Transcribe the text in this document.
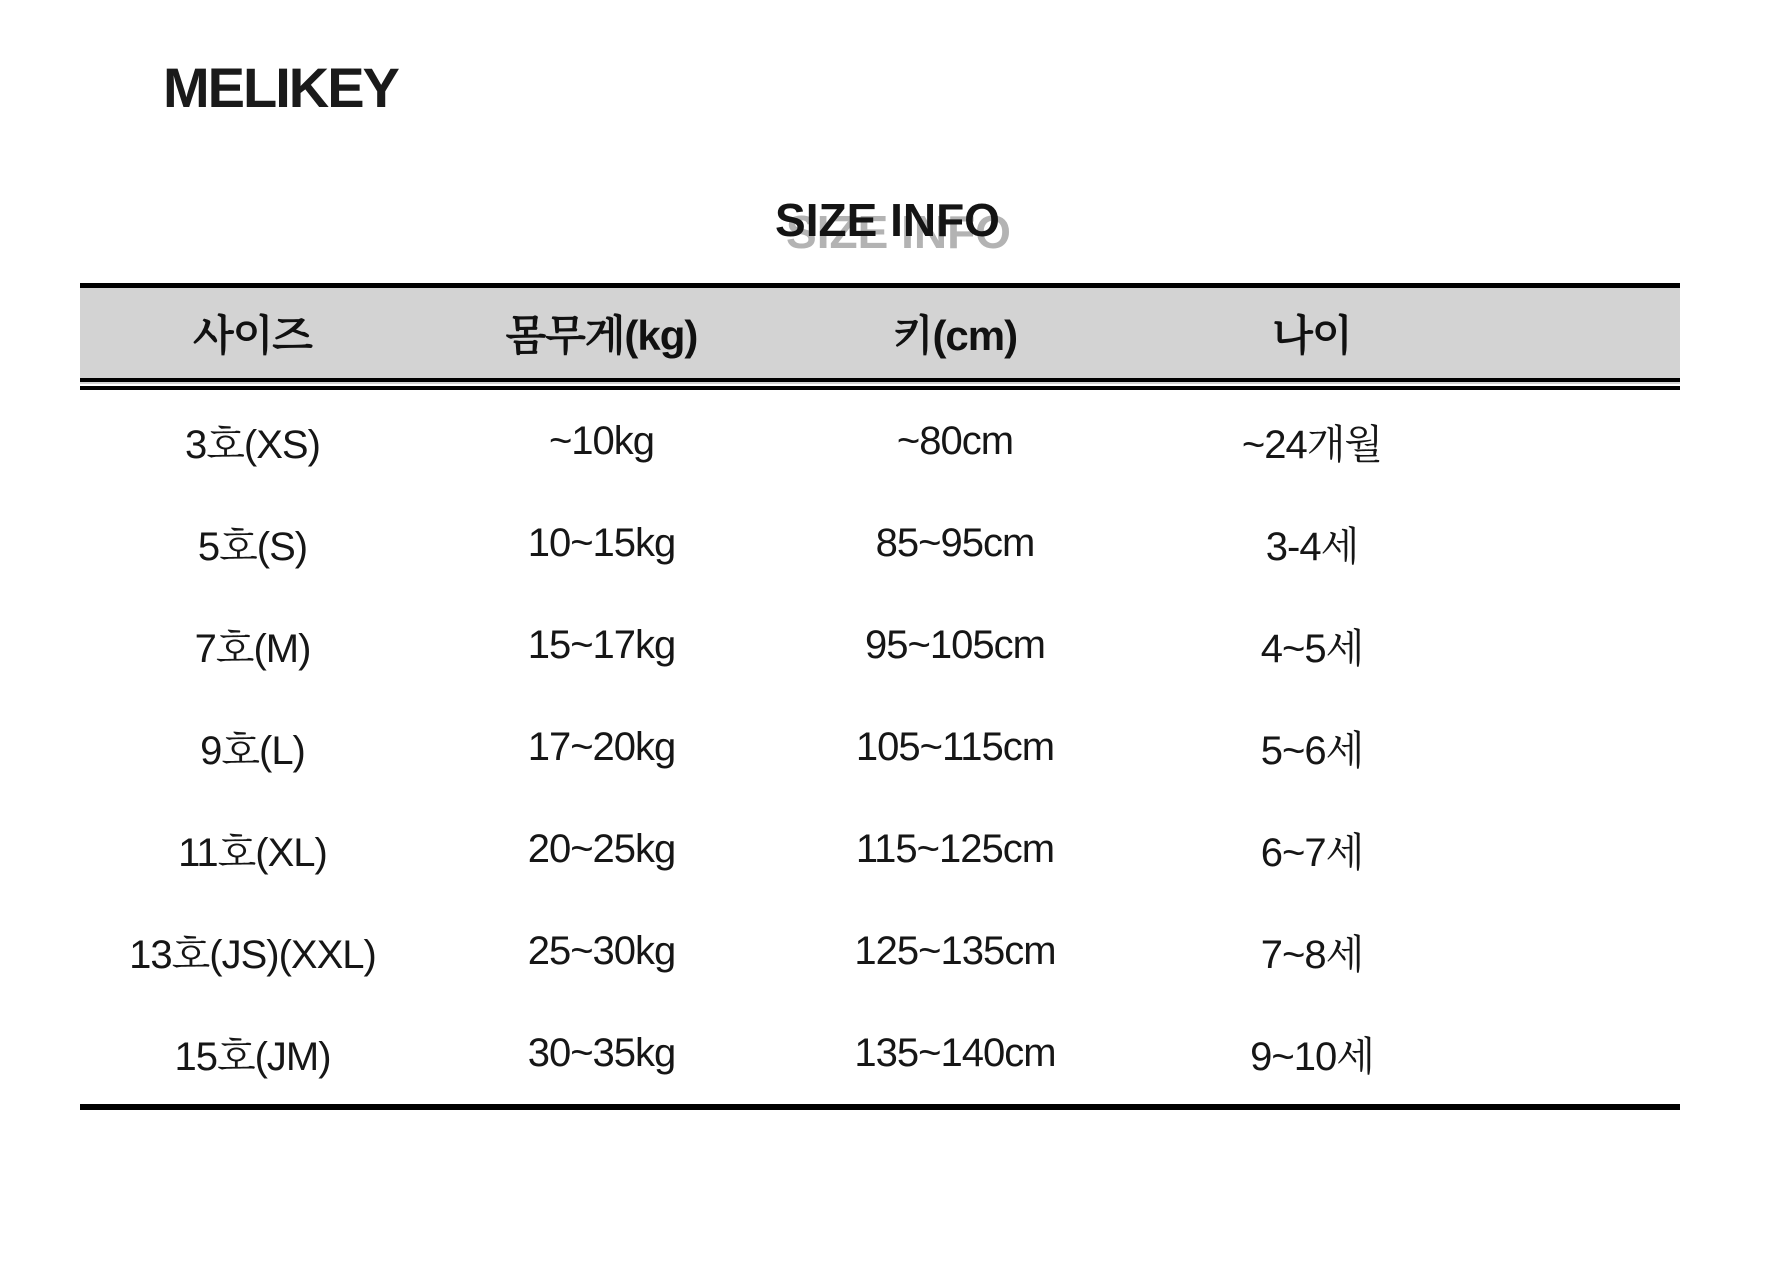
MELIKEY
SIZE INFO
사이즈	몸무게(kg)	키(cm)	나이	
3호(XS)	~10kg	~80cm	~24개월	
5호(S)	10~15kg	85~95cm	3-4세	
7호(M)	15~17kg	95~105cm	4~5세	
9호(L)	17~20kg	105~115cm	5~6세	
11호(XL)	20~25kg	115~125cm	6~7세	
13호(JS)(XXL)	25~30kg	125~135cm	7~8세	
15호(JM)	30~35kg	135~140cm	9~10세	
